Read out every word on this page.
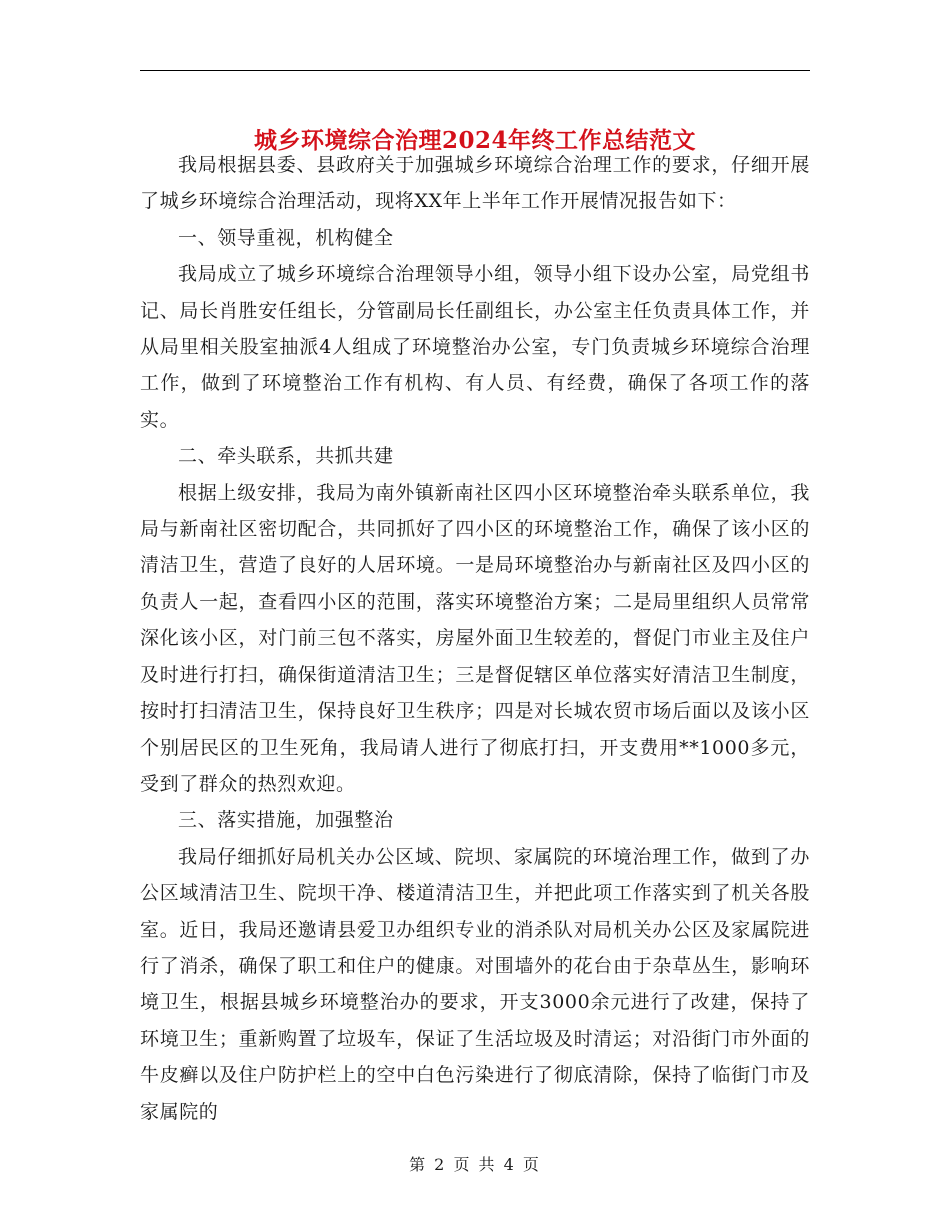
城乡环境综合治理2024年终工作总结范文

我局根据县委、县政府关于加强城乡环境综合治理工作的要求，仔细开展了城乡环境综合治理活动，现将XX年上半年工作开展情况报告如下：

一、领导重视，机构健全

我局成立了城乡环境综合治理领导小组，领导小组下设办公室，局党组书记、局长肖胜安任组长，分管副局长任副组长，办公室主任负责具体工作，并从局里相关股室抽派4人组成了环境整治办公室，专门负责城乡环境综合治理工作，做到了环境整治工作有机构、有人员、有经费，确保了各项工作的落实。

二、牵头联系，共抓共建

根据上级安排，我局为南外镇新南社区四小区环境整治牵头联系单位，我局与新南社区密切配合，共同抓好了四小区的环境整治工作，确保了该小区的清洁卫生，营造了良好的人居环境。一是局环境整治办与新南社区及四小区的负责人一起，查看四小区的范围，落实环境整治方案；二是局里组织人员常常深化该小区，对门前三包不落实，房屋外面卫生较差的，督促门市业主及住户及时进行打扫，确保街道清洁卫生；三是督促辖区单位落实好清洁卫生制度，按时打扫清洁卫生，保持良好卫生秩序；四是对长城农贸市场后面以及该小区个别居民区的卫生死角，我局请人进行了彻底打扫，开支费用**1000多元，受到了群众的热烈欢迎。

三、落实措施，加强整治

我局仔细抓好局机关办公区域、院坝、家属院的环境治理工作，做到了办公区域清洁卫生、院坝干净、楼道清洁卫生，并把此项工作落实到了机关各股室。近日，我局还邀请县爱卫办组织专业的消杀队对局机关办公区及家属院进行了消杀，确保了职工和住户的健康。对围墙外的花台由于杂草丛生，影响环境卫生，根据县城乡环境整治办的要求，开支3000余元进行了改建，保持了环境卫生；重新购置了垃圾车，保证了生活垃圾及时清运；对沿街门市外面的牛皮癣以及住户防护栏上的空中白色污染进行了彻底清除，保持了临街门市及家属院的

第 2 页 共 4 页
